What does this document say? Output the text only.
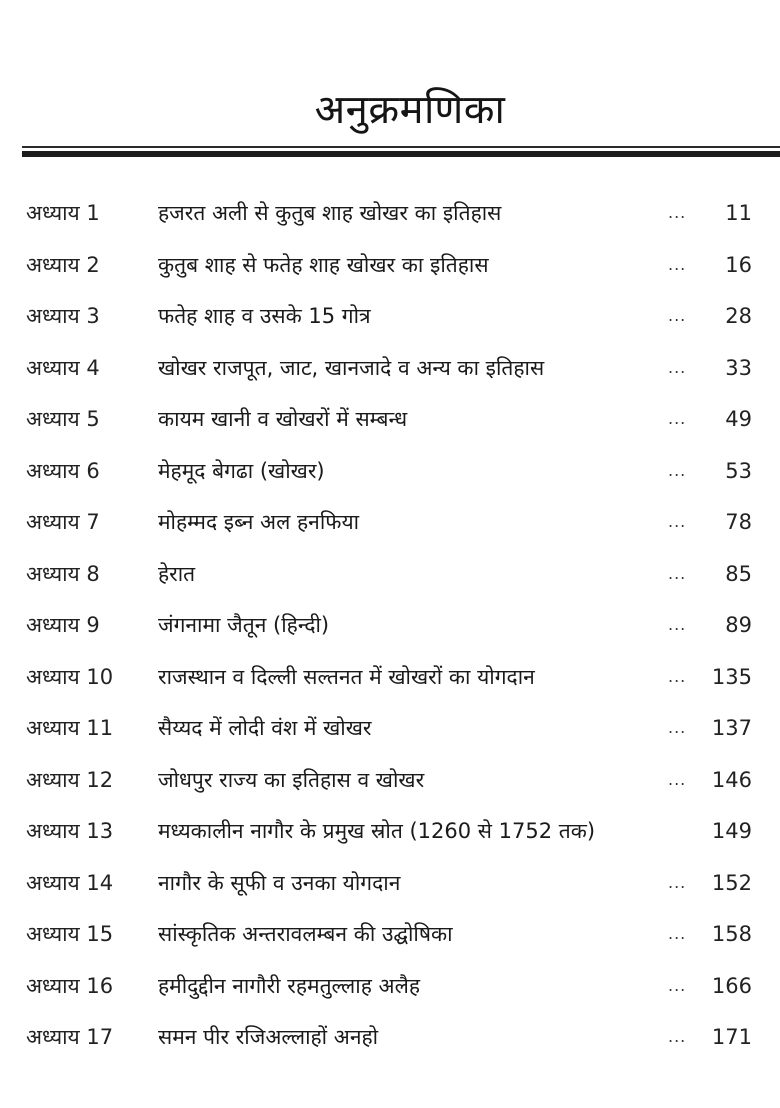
अनुक्रमणिका
अध्याय 1	हजरत अली से कुतुब शाह खोखर का इतिहास	... 11
अध्याय 2	कुतुब शाह से फतेह शाह खोखर का इतिहास	... 16
अध्याय 3	फतेह शाह व उसके 15 गोत्र	... 28
अध्याय 4	खोखर राजपूत, जाट, खानजादे व अन्य का इतिहास	... 33
अध्याय 5	कायम खानी व खोखरों में सम्बन्ध	... 49
अध्याय 6	मेहमूद बेगढा (खोखर)	... 53
अध्याय 7	मोहम्मद इब्न अल हनफिया	... 78
अध्याय 8	हेरात	... 85
अध्याय 9	जंगनामा जैतून (हिन्दी)	... 89
अध्याय 10 राजस्थान व दिल्ली सल्तनत में खोखरों का योगदान	... 135
अध्याय 11 सैय्यद में लोदी वंश में खोखर	... 137
अध्याय 12 जोधपुर राज्य का इतिहास व खोखर	... 146
अध्याय 13 मध्यकालीन नागौर के प्रमुख स्रोत (1260 से 1752 तक)	149
अध्याय 14 नागौर के सूफी व उनका योगदान	... 152
अध्याय 15 सांस्कृतिक अन्तरावलम्बन की उद्घोषिका	... 158
अध्याय 16 हमीदुद्दीन नागौरी रहमतुल्लाह अलैह	... 166
अध्याय 17 समन पीर रजिअल्लाहों अनहो	... 171
